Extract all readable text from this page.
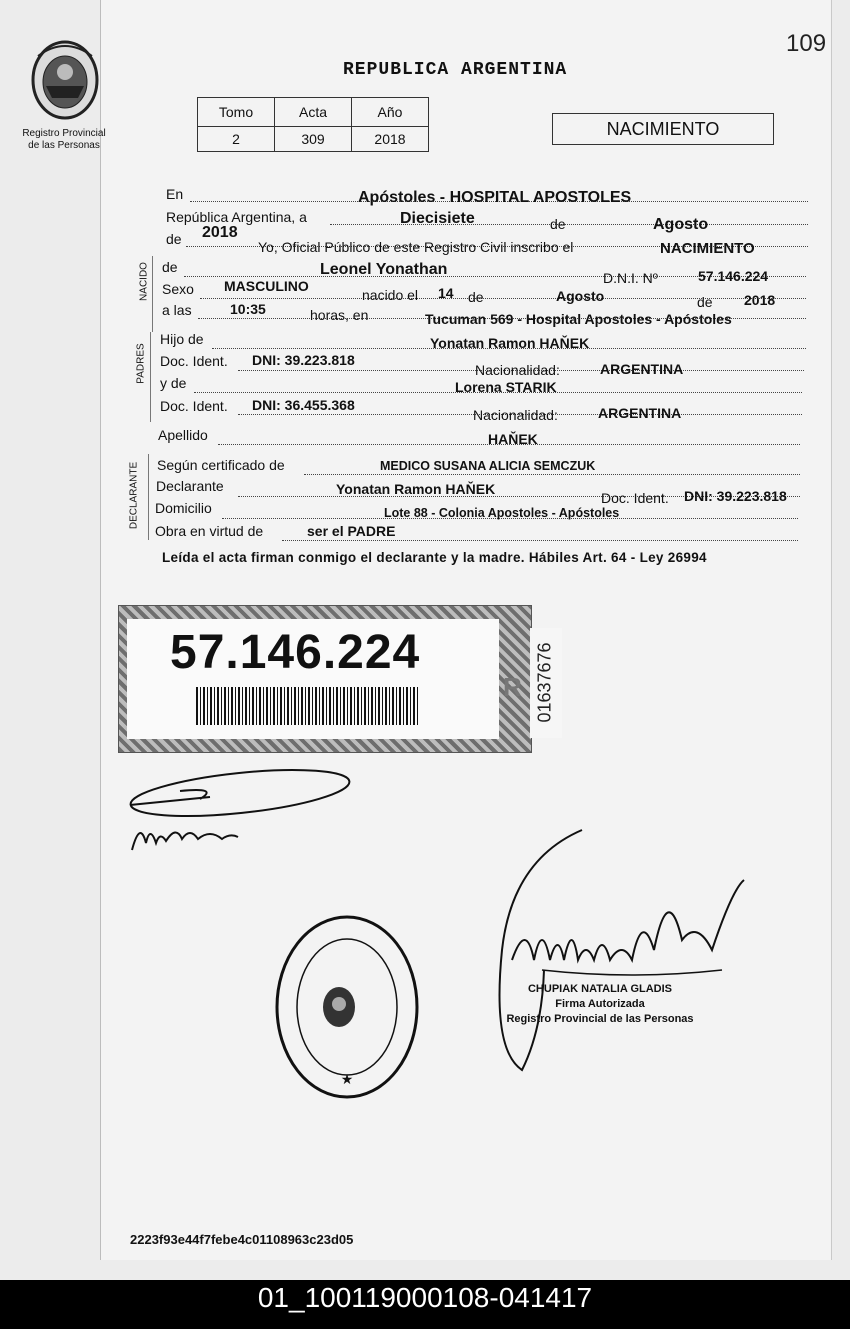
Registro Provincial de las Personas
109
REPUBLICA ARGENTINA
Tomo	Acta	Año
2	309	2018	NACIMIENTO
En	Apóstoles - HOSPITAL APOSTOLES
República Argentina, a	Diecisiete	de	Agosto
de 2018
Yo, Oficial Público de este Registro Civil inscribo el	NACIMIENTO
NACIDO de	Leonel Yonathan	D.N.I. Nº	57.146.224
Sexo MASCULINO
nacido el 14 de	Agosto	de 2018
a las	10:35	horas, en	Tucuman 569 - Hospital Apostoles - Apóstoles
PADRES
Hijo de	Yonatan Ramon HAŇEK
Doc. Ident. DNI: 39.223.818
Nacionalidad:	ARGENTINA
y de	Lorena STARIK
Doc. Ident. DNI: 36.455.368
Nacionalidad:	ARGENTINA
Apellido	HAŇEK
DECLARANTE Según certificado de	MEDICO SUSANA ALICIA SEMCZUK
Declarante	Yonatan Ramon HAŇEK
Doc. Ident. DNI: 39.223.818
Domicilio	Lote 88 - Colonia Apostoles - Apóstoles
Obra en virtud de	ser el PADRE
Leída el acta firman conmigo el declarante y la madre. Hábiles Art. 64 - Ley 26994
57.146.224
R 01637676
★
CHUPIAK NATALIA GLADIS
Firma Autorizada
Registro Provincial de las Personas
2223f93e44f7febe4c01108963c23d05
01_100119000108-041417
